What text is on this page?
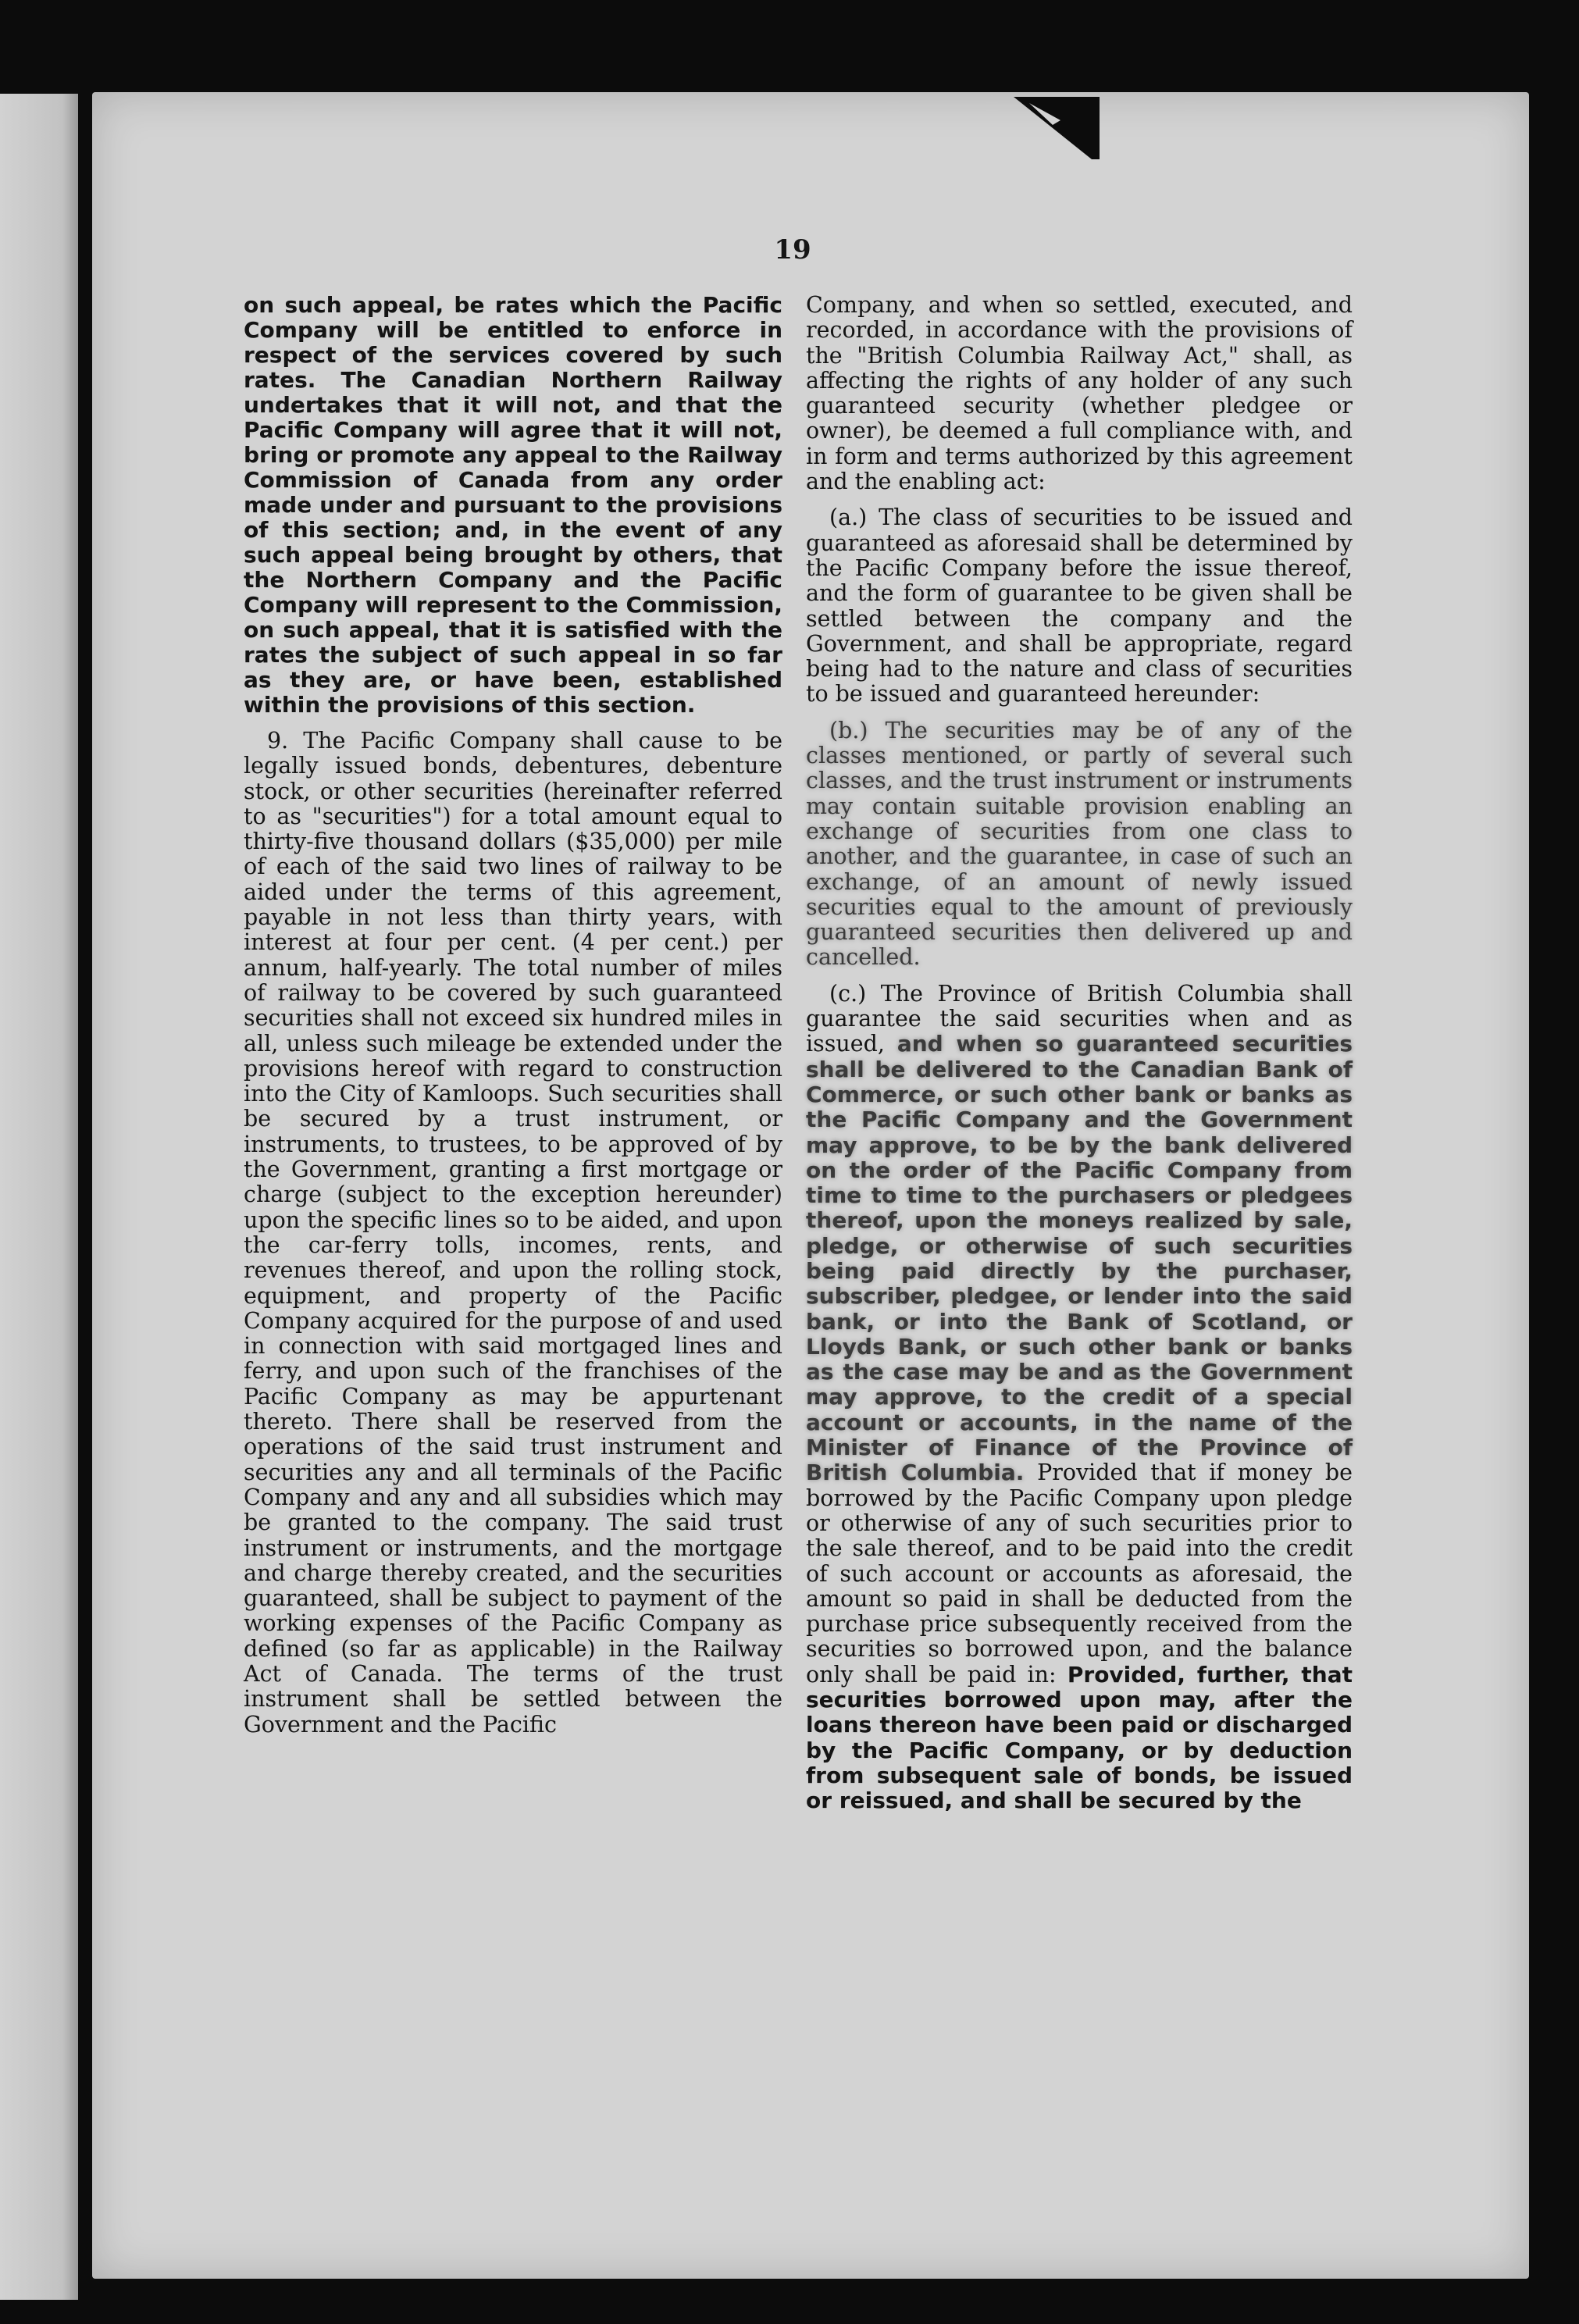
19

on such appeal, be rates which the Pacific Company will be entitled to enforce in respect of the services covered by such rates. The Canadian Northern Railway undertakes that it will not, and that the Pacific Company will agree that it will not, bring or promote any appeal to the Railway Commission of Canada from any order made under and pursuant to the provisions of this section; and, in the event of any such appeal being brought by others, that the Northern Company and the Pacific Company will represent to the Commission, on such appeal, that it is satisfied with the rates the subject of such appeal in so far as they are, or have been, established within the provisions of this section.

9. The Pacific Company shall cause to be legally issued bonds, debentures, debenture stock, or other securities (hereinafter referred to as "securities") for a total amount equal to thirty-five thousand dollars ($35,000) per mile of each of the said two lines of railway to be aided under the terms of this agreement, payable in not less than thirty years, with interest at four per cent. (4 per cent.) per annum, half-yearly. The total number of miles of railway to be covered by such guaranteed securities shall not exceed six hundred miles in all, unless such mileage be extended under the provisions hereof with regard to construction into the City of Kamloops. Such securities shall be secured by a trust instrument, or instruments, to trustees, to be approved of by the Government, granting a first mortgage or charge (subject to the exception hereunder) upon the specific lines so to be aided, and upon the car-ferry tolls, incomes, rents, and revenues thereof, and upon the rolling stock, equipment, and property of the Pacific Company acquired for the purpose of and used in connection with said mortgaged lines and ferry, and upon such of the franchises of the Pacific Company as may be appurtenant thereto. There shall be reserved from the operations of the said trust instrument and securities any and all terminals of the Pacific Company and any and all subsidies which may be granted to the company. The said trust instrument or instruments, and the mortgage and charge thereby created, and the securities guaranteed, shall be subject to payment of the working expenses of the Pacific Company as defined (so far as applicable) in the Railway Act of Canada. The terms of the trust instrument shall be settled between the Government and the Pacific

Company, and when so settled, executed, and recorded, in accordance with the provisions of the "British Columbia Railway Act," shall, as affecting the rights of any holder of any such guaranteed security (whether pledgee or owner), be deemed a full compliance with, and in form and terms authorized by this agreement and the enabling act:

(a.) The class of securities to be issued and guaranteed as aforesaid shall be determined by the Pacific Company before the issue thereof, and the form of guarantee to be given shall be settled between the company and the Government, and shall be appropriate, regard being had to the nature and class of securities to be issued and guaranteed hereunder:

(b.) The securities may be of any of the classes mentioned, or partly of several such classes, and the trust instrument or instruments may contain suitable provision enabling an exchange of securities from one class to another, and the guarantee, in case of such an exchange, of an amount of newly issued securities equal to the amount of previously guaranteed securities then delivered up and cancelled.

(c.) The Province of British Columbia shall guarantee the said securities when and as issued, and when so guaranteed securities shall be delivered to the Canadian Bank of Commerce, or such other bank or banks as the Pacific Company and the Government may approve, to be by the bank delivered on the order of the Pacific Company from time to time to the purchasers or pledgees thereof, upon the moneys realized by sale, pledge, or otherwise of such securities being paid directly by the purchaser, subscriber, pledgee, or lender into the said bank, or into the Bank of Scotland, or Lloyds Bank, or such other bank or banks as the case may be and as the Government may approve, to the credit of a special account or accounts, in the name of the Minister of Finance of the Province of British Columbia. Provided that if money be borrowed by the Pacific Company upon pledge or otherwise of any of such securities prior to the sale thereof, and to be paid into the credit of such account or accounts as aforesaid, the amount so paid in shall be deducted from the purchase price subsequently received from the securities so borrowed upon, and the balance only shall be paid in: Provided, further, that securities borrowed upon may, after the loans thereon have been paid or discharged by the Pacific Company, or by deduction from subsequent sale of bonds, be issued or reissued, and shall be secured by the
